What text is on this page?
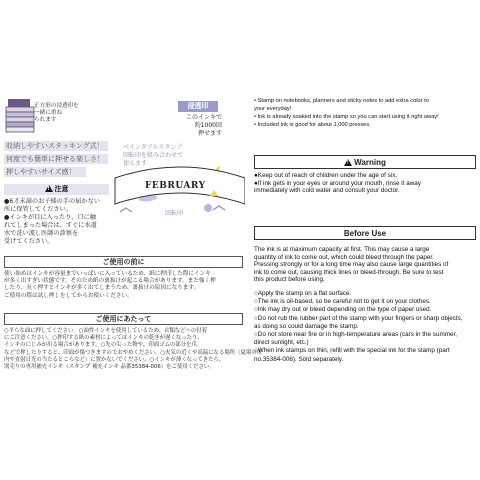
正方形の浸透印を
一緒に重ね
られます
浸透印
このインキで
約1000回
押せます
収納しやすいスタッキング式！
何度でも簡単に押せる楽しさ！
押しやすいサイズ感！
ベインタブルスタンプ
回転印を組み合わせて
使えます
FEBRUARY
回転印
!注意
●6才未満のお子様の手の届かない
所に保管してください。
●インキが目に入ったり、口に触
れてしまった場合は、すぐに水道
水で洗い流し医師の診察を
受けてください。
ご使用の前に
使い始めはインキが容量までいっぱいに入っているため、紙に押印した際にインキ
が多く出すぎい状態です。そのため紙の裏抜けが起こる場合があります。また強く押
したり、長く押すとインキが多く出てしまうため、裏抜けの原因になります。
ご使用の際は試し押しをしてからお使いください。
ご使用にあたって
○平らな面に押してください。○油性インキを使用しているため、衣類などへの付着
にご注意ください。○押印する紙の素材によってはインキの乾きが遅くなったり、
インキのにじみが出る場合があります。○先の尖った物や、印面ゴムの部分を爪
などで押したりすると、印面が傷つきますのでおやめください。○火気の近くや高温になる場所（夏場の車
内や直射日光の当たるところなど）に置かないでください。○インキが薄くなってきたら、
別売りの専用補充インキ（スタンプ 補充インキ 品番35384-006）をご使用ください。
• Stamp on notebooks, planners and sticky notes to add extra color to
your everyday!
• Ink is already soaked into the stamp so you can start using it right away!
• Included ink is good for about 1,000 presses.
!Warning
●Keep out of reach of children under the age of six.
●If ink gets in your eyes or around your mouth, rinse it away
immediately with cold water and consult your doctor.
Before Use
The ink is at maximum capacity at first. This may cause a large
quantity of ink to come out, which could bleed through the paper.
Pressing strongly or for a long time may also cause large quantities of
ink to come out, causing thick lines or bleed-through. Be sure to test
this product before using.
○Apply the stamp on a flat surface.
○The ink is oil-based, so be careful not to get it on your clothes.
○Ink may dry out or bleed depending on the type of paper used.
○Do not rub the rubber part of the stamp with your fingers or sharp objects,
as doing so could damage the stamp.
○Do not store near fire or in high-temperature areas (cars in the summer,
direct sunlight, etc.)
○When ink stamps on thin, refill with the special ink for the stamp (part
no.35384-006). Sold separately.
